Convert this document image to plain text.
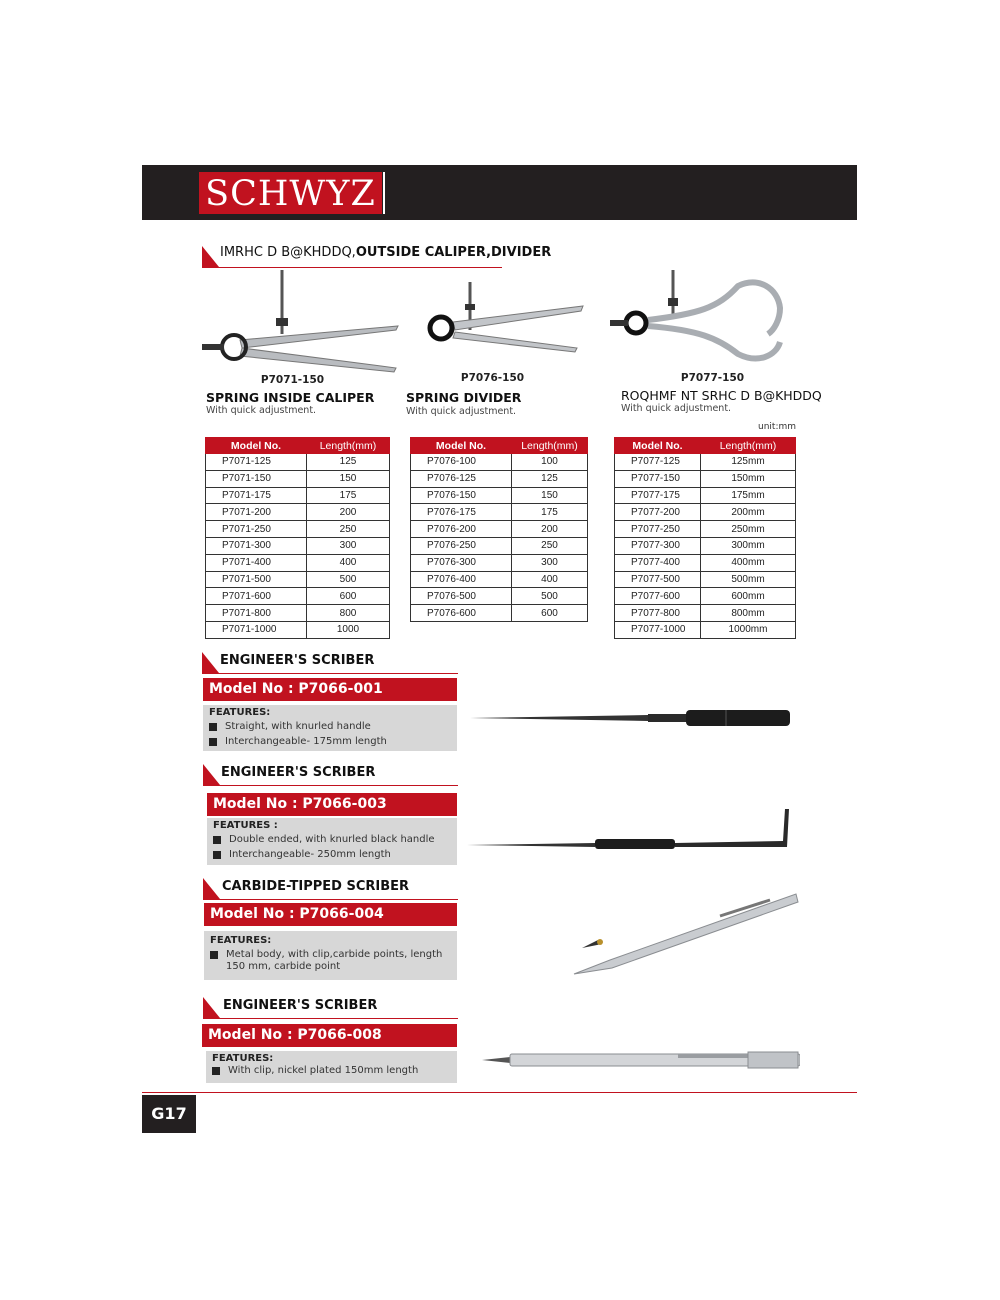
SCHWYZ
IMRHC D B@KHDDQ,OUTSIDE CALIPER,DIVIDER
P7071-150
SPRING INSIDE CALIPER
With quick adjustment.
P7076-150
SPRING DIVIDER
With quick adjustment.
P7077-150
ROQHMF NT SRHC D B@KHDDQ
With quick adjustment.
unit:mm
Model No.	Length(mm)
P7071-125	125
P7071-150	150
P7071-175	175
P7071-200	200
P7071-250	250
P7071-300	300
P7071-400	400
P7071-500	500
P7071-600	600
P7071-800	800
P7071-1000	1000
Model No.	Length(mm)
P7076-100	100
P7076-125	125
P7076-150	150
P7076-175	175
P7076-200	200
P7076-250	250
P7076-300	300
P7076-400	400
P7076-500	500
P7076-600	600
Model No.	Length(mm)
P7077-125	125mm
P7077-150	150mm
P7077-175	175mm
P7077-200	200mm
P7077-250	250mm
P7077-300	300mm
P7077-400	400mm
P7077-500	500mm
P7077-600	600mm
P7077-800	800mm
P7077-1000	1000mm
ENGINEER'S SCRIBER
Model No : P7066-001
FEATURES:
Straight, with knurled handle
Interchangeable- 175mm length
ENGINEER'S SCRIBER
Model No : P7066-003
FEATURES :
Double ended, with knurled black handle
Interchangeable- 250mm length
CARBIDE-TIPPED SCRIBER
Model No : P7066-004
FEATURES:
Metal body, with clip,carbide points, length 150 mm, carbide point
ENGINEER'S SCRIBER
Model No : P7066-008
FEATURES:
With clip, nickel plated 150mm length
G17
